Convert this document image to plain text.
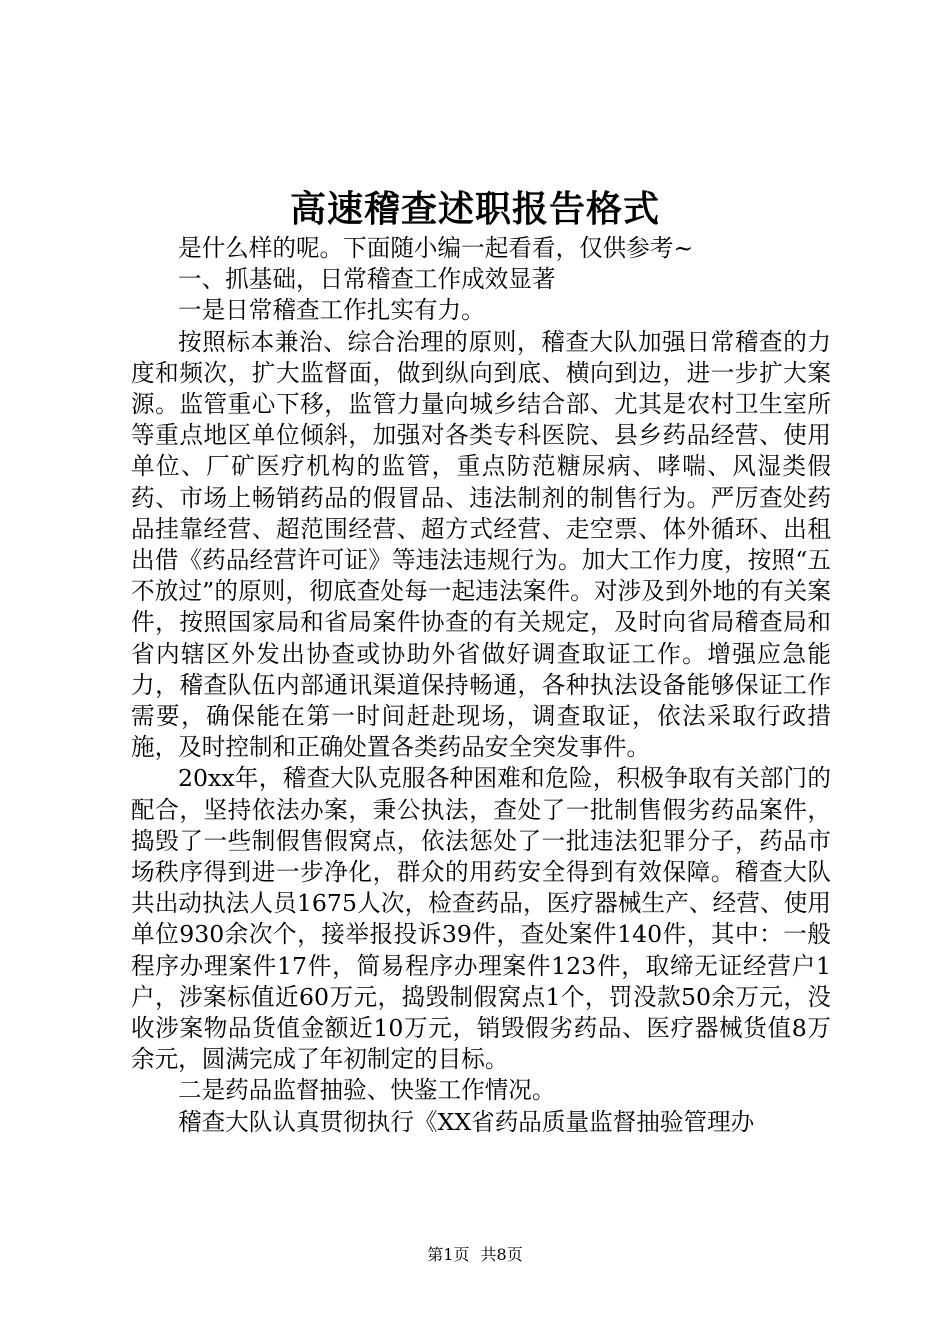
高速稽查述职报告格式

是什么样的呢。下面随小编一起看看，仅供参考~

一、抓基础，日常稽查工作成效显著

一是日常稽查工作扎实有力。

按照标本兼治、综合治理的原则，稽查大队加强日常稽查的力度和频次，扩大监督面，做到纵向到底、横向到边，进一步扩大案源。监管重心下移，监管力量向城乡结合部、尤其是农村卫生室所等重点地区单位倾斜，加强对各类专科医院、县乡药品经营、使用单位、厂矿医疗机构的监管，重点防范糖尿病、哮喘、风湿类假药、市场上畅销药品的假冒品、违法制剂的制售行为。严厉查处药品挂靠经营、超范围经营、超方式经营、走空票、体外循环、出租出借《药品经营许可证》等违法违规行为。加大工作力度，按照“五不放过”的原则，彻底查处每一起违法案件。对涉及到外地的有关案件，按照国家局和省局案件协查的有关规定，及时向省局稽查局和省内辖区外发出协查或协助外省做好调查取证工作。增强应急能力，稽查队伍内部通讯渠道保持畅通，各种执法设备能够保证工作需要，确保能在第一时间赶赴现场，调查取证，依法采取行政措施，及时控制和正确处置各类药品安全突发事件。

20xx年，稽查大队克服各种困难和危险，积极争取有关部门的配合，坚持依法办案，秉公执法，查处了一批制售假劣药品案件，捣毁了一些制假售假窝点，依法惩处了一批违法犯罪分子，药品市场秩序得到进一步净化，群众的用药安全得到有效保障。稽查大队共出动执法人员1675人次，检查药品，医疗器械生产、经营、使用单位930余次个，接举报投诉39件，查处案件140件，其中：一般程序办理案件17件，简易程序办理案件123件，取缔无证经营户1户，涉案标值近60万元，捣毁制假窝点1个，罚没款50余万元，没收涉案物品货值金额近10万元，销毁假劣药品、医疗器械货值8万余元，圆满完成了年初制定的目标。

二是药品监督抽验、快鉴工作情况。

稽查大队认真贯彻执行《XX省药品质量监督抽验管理办

第1页 共8页
